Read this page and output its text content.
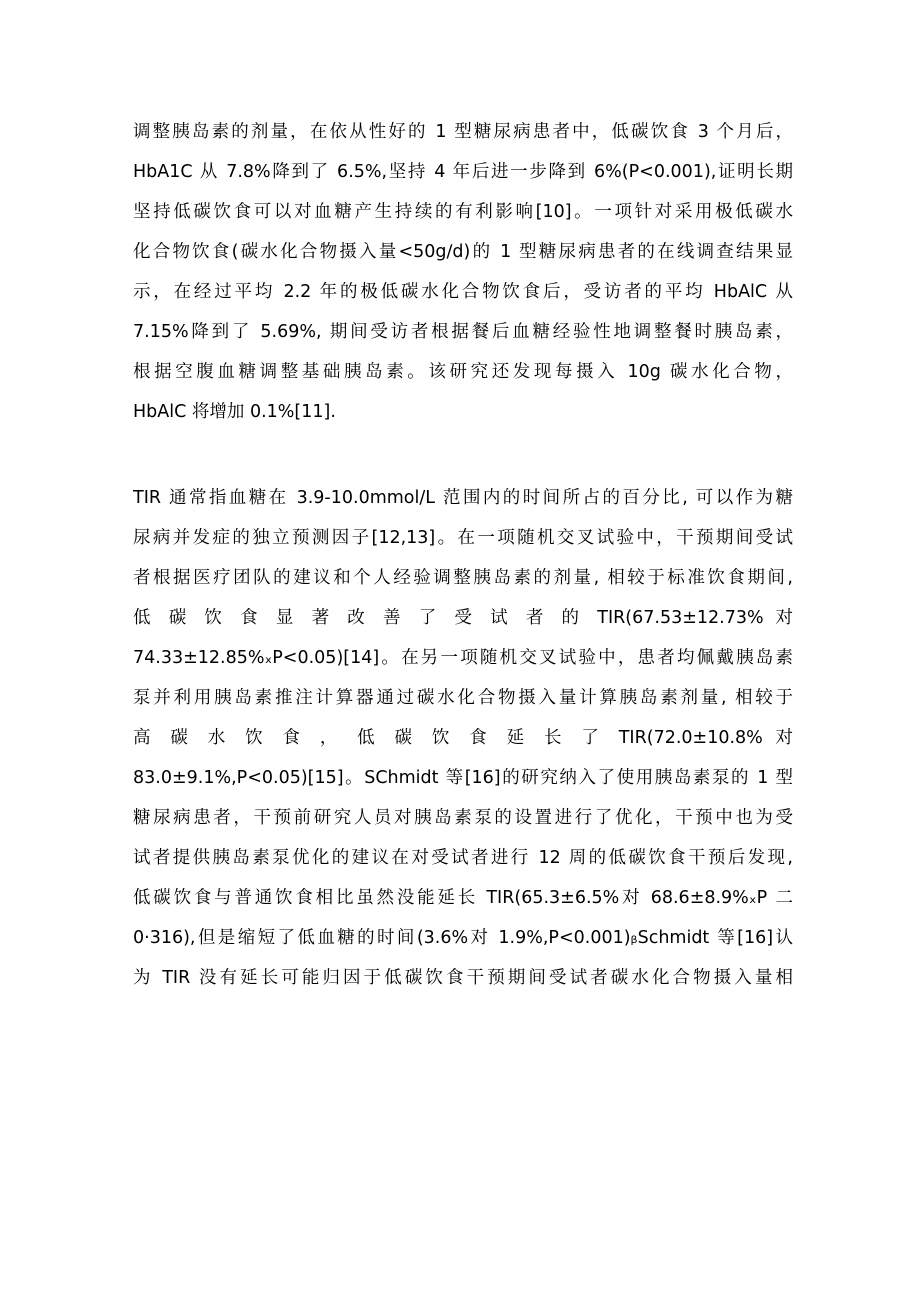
调整胰岛素的剂量，在依从性好的 1 型糖尿病患者中，低碳饮食 3 个月后，
HbA1C 从 7.8%降到了 6.5%,坚持 4 年后进一步降到 6%(P<0.001),证明长期
坚持低碳饮食可以对血糖产生持续的有利影响[10]。一项针对采用极低碳水
化合物饮食(碳水化合物摄入量<50g∕d)的 1 型糖尿病患者的在线调查结果显
示，在经过平均 2.2 年的极低碳水化合物饮食后，受访者的平均 HbAlC 从
7.15%降到了 5.69%, 期间受访者根据餐后血糖经验性地调整餐时胰岛素，
根据空腹血糖调整基础胰岛素。该研究还发现每摄入 10g 碳水化合物，
HbAlC 将增加 0.1%[11].
TIR 通常指血糖在 3.9-10.0mmol/L 范围内的时间所占的百分比, 可以作为糖
尿病并发症的独立预测因子[12,13]。在一项随机交叉试验中，干预期间受试
者根据医疗团队的建议和个人经验调整胰岛素的剂量, 相较于标准饮食期间,
低 碳 饮 食 显 著 改 善 了 受 试 者 的 TIR(67.53±12.73% 对
74.33±12.85%ₓP<0.05)[14]。在另一项随机交叉试验中，患者均佩戴胰岛素
泵并利用胰岛素推注计算器通过碳水化合物摄入量计算胰岛素剂量, 相较于
高 碳 水 饮 食 ， 低 碳 饮 食 延 长 了 TIR(72.0±10.8% 对
83.0±9.1%,P<0.05)[15]。SChmidt 等[16]的研究纳入了使用胰岛素泵的 1 型
糖尿病患者，干预前研究人员对胰岛素泵的设置进行了优化，干预中也为受
试者提供胰岛素泵优化的建议在对受试者进行 12 周的低碳饮食干预后发现,
低碳饮食与普通饮食相比虽然没能延长 TIR(65.3±6.5%对 68.6±8.9%ₓP 二
0·316),但是缩短了低血糖的时间(3.6%对 1.9%,P<0.001)ᵦSchmidt 等[16]认
为 TIR 没有延长可能归因于低碳饮食干预期间受试者碳水化合物摄入量相
